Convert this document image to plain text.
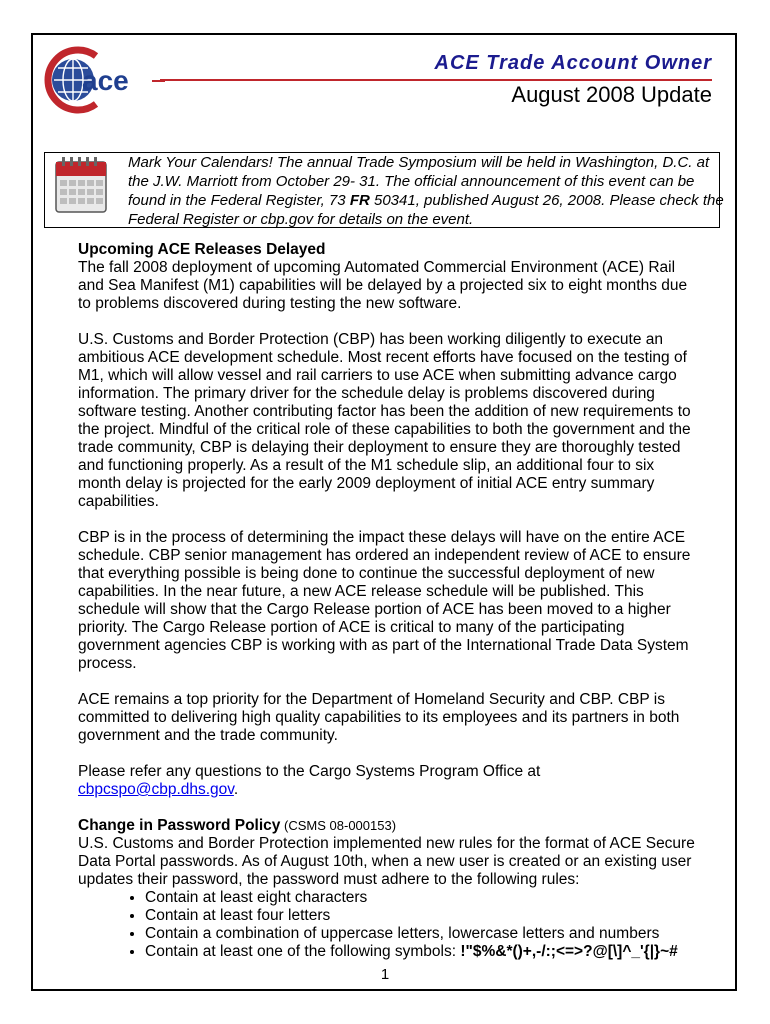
ace
ACE Trade Account Owner
August 2008 Update
Mark Your Calendars! The annual Trade Symposium will be held in Washington, D.C. at the J.W. Marriott from October 29- 31. The official announcement of this event can be found in the Federal Register, 73 FR 50341, published August 26, 2008. Please check the Federal Register or cbp.gov for details on the event.
Upcoming ACE Releases Delayed

The fall 2008 deployment of upcoming Automated Commercial Environment (ACE) Rail and Sea Manifest (M1) capabilities will be delayed by a projected six to eight months due to problems discovered during testing the new software.

U.S. Customs and Border Protection (CBP) has been working diligently to execute an ambitious ACE development schedule. Most recent efforts have focused on the testing of M1, which will allow vessel and rail carriers to use ACE when submitting advance cargo information. The primary driver for the schedule delay is problems discovered during software testing. Another contributing factor has been the addition of new requirements to the project. Mindful of the critical role of these capabilities to both the government and the trade community, CBP is delaying their deployment to ensure they are thoroughly tested and functioning properly. As a result of the M1 schedule slip, an additional four to six month delay is projected for the early 2009 deployment of initial ACE entry summary capabilities.

CBP is in the process of determining the impact these delays will have on the entire ACE schedule. CBP senior management has ordered an independent review of ACE to ensure that everything possible is being done to continue the successful deployment of new capabilities. In the near future, a new ACE release schedule will be published. This schedule will show that the Cargo Release portion of ACE has been moved to a higher priority. The Cargo Release portion of ACE is critical to many of the participating government agencies CBP is working with as part of the International Trade Data System process.

ACE remains a top priority for the Department of Homeland Security and CBP. CBP is committed to delivering high quality capabilities to its employees and its partners in both government and the trade community.

Please refer any questions to the Cargo Systems Program Office at
cbpcspo@cbp.dhs.gov.

Change in Password Policy (CSMS 08-000153)
U.S. Customs and Border Protection implemented new rules for the format of ACE Secure Data Portal passwords. As of August 10th, when a new user is created or an existing user updates their password, the password must adhere to the following rules:
• Contain at least eight characters
• Contain at least four letters
• Contain a combination of uppercase letters, lowercase letters and numbers
• Contain at least one of the following symbols: !"$%&*()+,-/:;<=>?@[\]^_'{|}~#
1
